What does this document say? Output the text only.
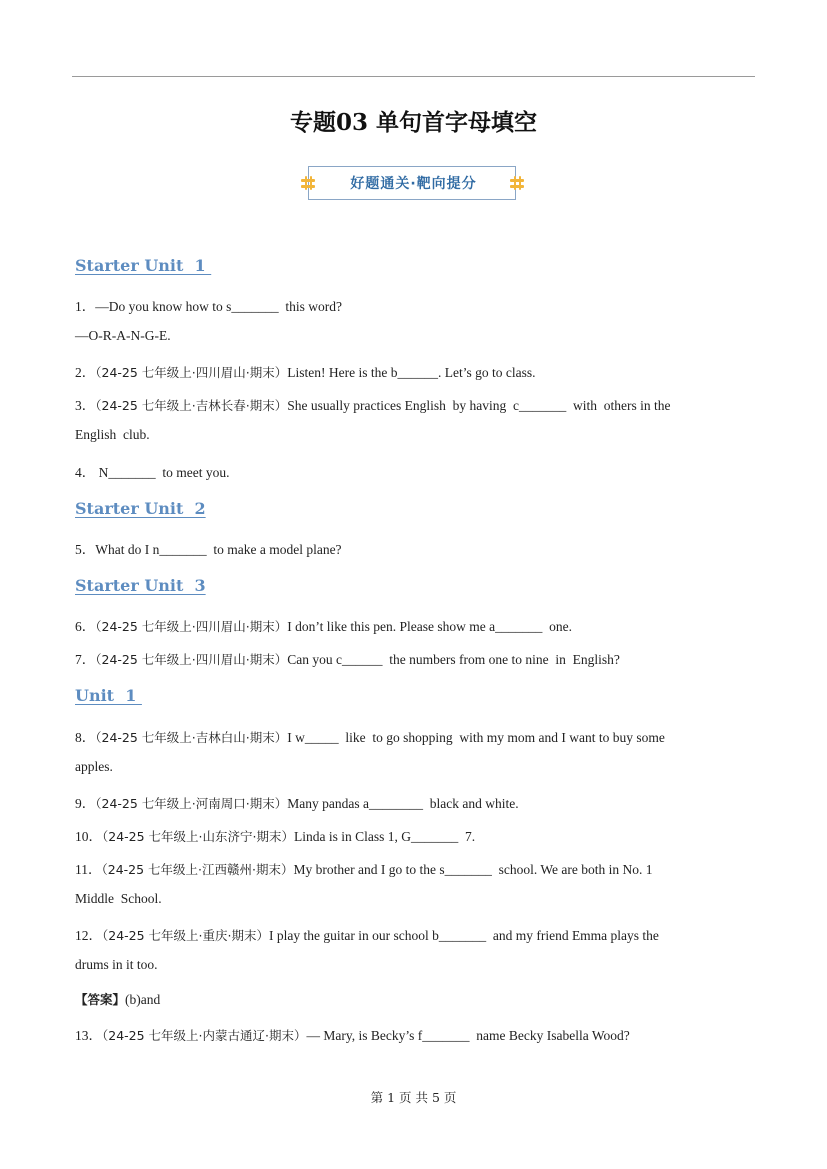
专题03 单句首字母填空
好题通关·靶向提分
Starter Unit  1
Starter Unit  2
Starter Unit  3
Unit  1
1．—Do you know how to s_______  this word?
—O-R-A-N-G-E.
2．（24-25 七年级上·四川眉山·期末）Listen! Here is the b______. Let’s go to class.
3．（24-25 七年级上·吉林长春·期末）She usually practices English  by having  c_______  with  others in the
English  club.
4． N_______  to meet you.
5．What do I n_______  to make a model plane?
6．（24-25 七年级上·四川眉山·期末）I don’t like this pen. Please show me a_______  one.
7．（24-25 七年级上·四川眉山·期末）Can you c______  the numbers from one to nine  in  English?
8．（24-25 七年级上·吉林白山·期末）I w_____  like  to go shopping  with my mom and I want to buy some
apples.
9．（24-25 七年级上·河南周口·期末）Many pandas a________  black and white.
10．（24-25 七年级上·山东济宁·期末）Linda is in Class 1, G_______  7.
11．（24-25 七年级上·江西赣州·期末）My brother and I go to the s_______  school. We are both in No. 1
Middle  School.
12．（24-25 七年级上·重庆·期末）I play the guitar in our school b_______  and my friend Emma plays the
drums in it too.
【答案】(b)and
13．（24-25 七年级上·内蒙古通辽·期末）— Mary, is Becky’s f_______  name Becky Isabella Wood?
第 1 页 共 5 页
